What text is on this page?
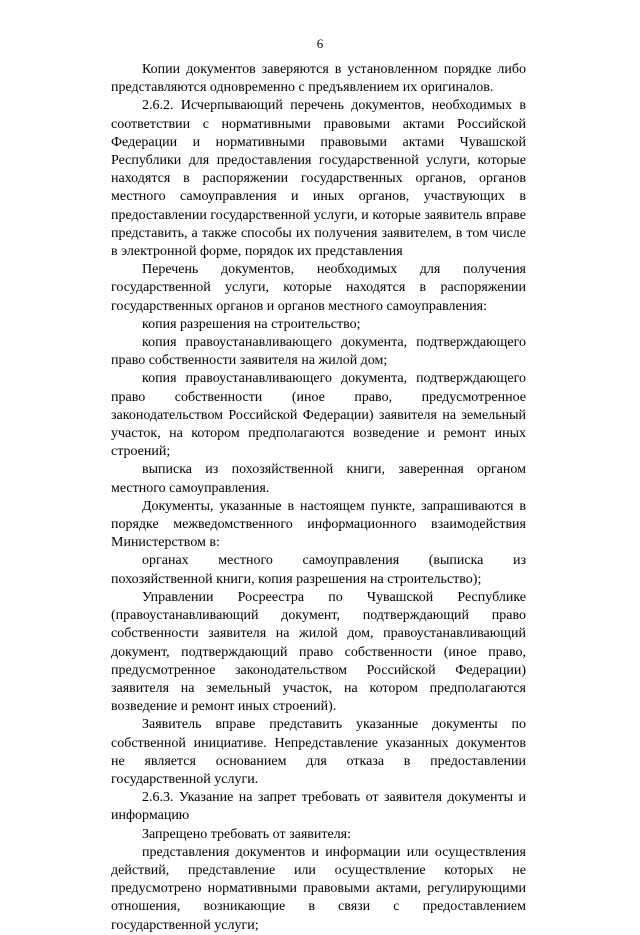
6

Копии документов заверяются в установленном порядке либо представляются одновременно с предъявлением их оригиналов.

2.6.2. Исчерпывающий перечень документов, необходимых в соответствии с нормативными правовыми актами Российской Федерации и нормативными правовыми актами Чувашской Республики для предоставления государственной услуги, которые находятся в распоряжении государственных органов, органов местного самоуправления и иных органов, участвующих в предоставлении государственной услуги, и которые заявитель вправе представить, а также способы их получения заявителем, в том числе в электронной форме, порядок их представления

Перечень документов, необходимых для получения государственной услуги, которые находятся в распоряжении государственных органов и органов местного самоуправления:

копия разрешения на строительство;

копия правоустанавливающего документа, подтверждающего право собственности заявителя на жилой дом;

копия правоустанавливающего документа, подтверждающего право собственности (иное право, предусмотренное законодательством Российской Федерации) заявителя на земельный участок, на котором предполагаются возведение и ремонт иных строений;

выписка из похозяйственной книги, заверенная органом местного самоуправления.

Документы, указанные в настоящем пункте, запрашиваются в порядке межведомственного информационного взаимодействия Министерством в:

органах местного самоуправления (выписка из похозяйственной книги, копия разрешения на строительство);

Управлении Росреестра по Чувашской Республике (правоустанавливающий документ, подтверждающий право собственности заявителя на жилой дом, правоустанавливающий документ, подтверждающий право собственности (иное право, предусмотренное законодательством Российской Федерации) заявителя на земельный участок, на котором предполагаются возведение и ремонт иных строений).

Заявитель вправе представить указанные документы по собственной инициативе. Непредставление указанных документов не является основанием для отказа в предоставлении государственной услуги.

2.6.3. Указание на запрет требовать от заявителя документы и информацию

Запрещено требовать от заявителя:

представления документов и информации или осуществления действий, представление или осуществление которых не предусмотрено нормативными правовыми актами, регулирующими отношения, возникающие в связи с предоставлением государственной услуги;
